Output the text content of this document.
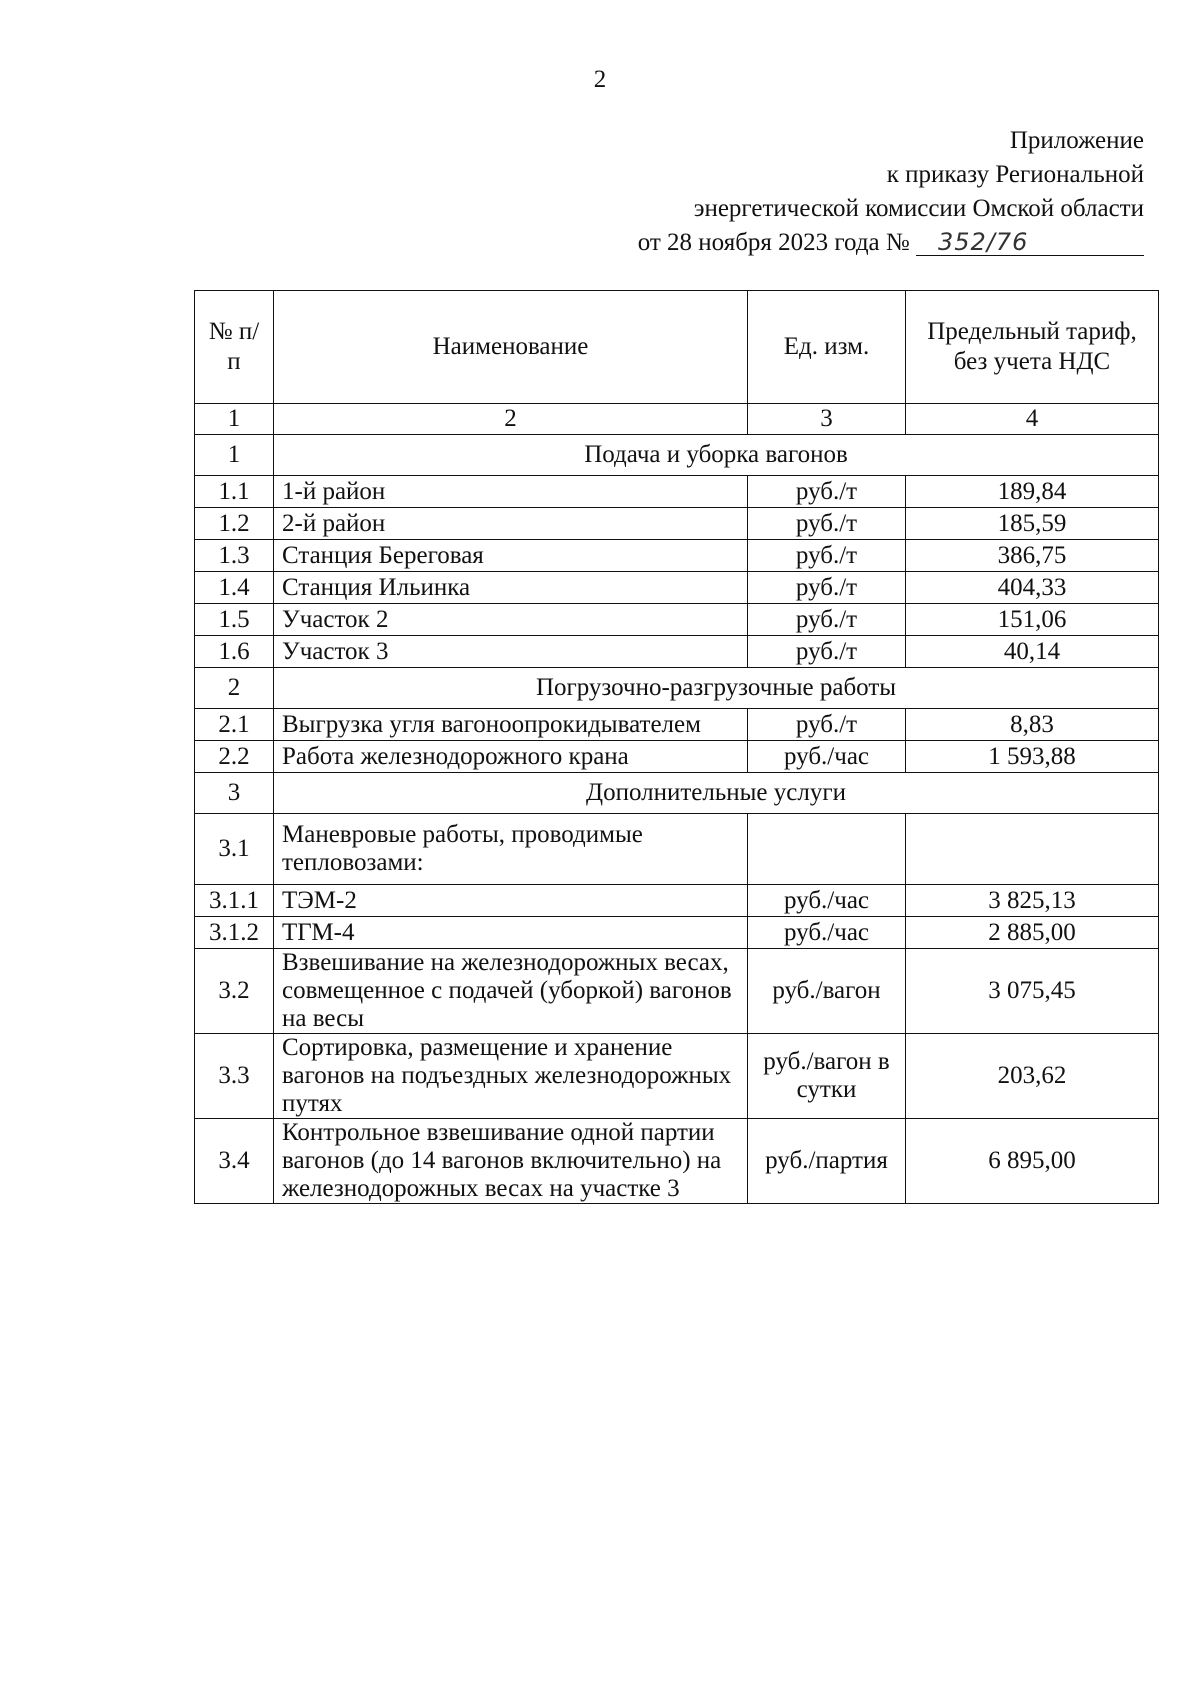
2
Приложение
к приказу Региональной
энергетической комиссии Омской области
от 28 ноября 2023 года № 352/76
№ п/п	Наименование	Ед. изм.	Предельный тариф, без учета НДС
1	2	3	4
1	Подача и уборка вагонов		
1.1	1-й район	руб./т	189,84
1.2	2-й район	руб./т	185,59
1.3	Станция Береговая	руб./т	386,75
1.4	Станция Ильинка	руб./т	404,33
1.5	Участок 2	руб./т	151,06
1.6	Участок 3	руб./т	40,14
2	Погрузочно-разгрузочные работы		
2.1	Выгрузка угля вагоноопрокидывателем	руб./т	8,83
2.2	Работа железнодорожного крана	руб./час	1 593,88
3	Дополнительные услуги		
3.1	Маневровые работы, проводимые тепловозами:		
3.1.1	ТЭМ-2	руб./час	3 825,13
3.1.2	ТГМ-4	руб./час	2 885,00
3.2	Взвешивание на железнодорожных весах, совмещенное с подачей (уборкой) вагонов на весы	руб./вагон	3 075,45
3.3	Сортировка, размещение и хранение вагонов на подъездных железнодорожных путях	руб./вагон в сутки	203,62
3.4	Контрольное взвешивание одной партии вагонов (до 14 вагонов включительно) на железнодорожных весах на участке 3	руб./партия	6 895,00
